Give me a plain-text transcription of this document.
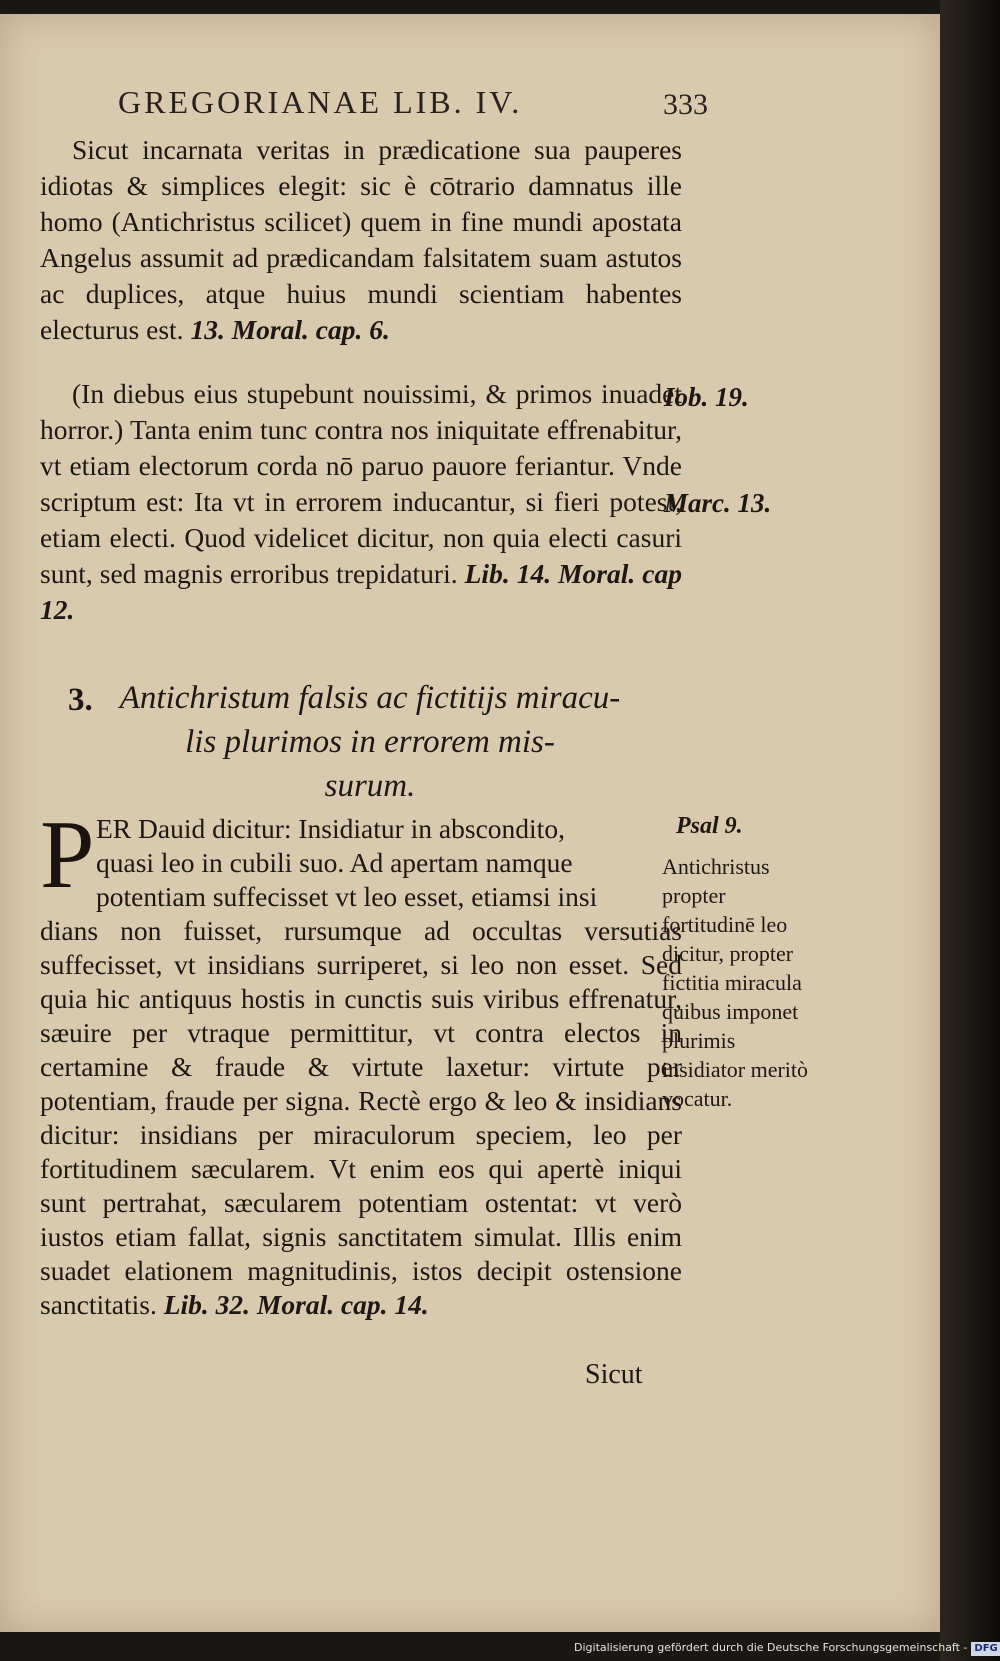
GREGORIANAE LIB. IV.	333

Sicut incarnata veritas in prædicatione sua pauperes idiotas & simplices elegit: sic è cōtrario damnatus ille homo (Antichristus scilicet) quem in fine mundi apostata Angelus assumit ad prædicandam falsitatem suam astutos ac duplices, atque huius mundi scientiam habentes electurus est. 13. Moral. cap. 6.

(In diebus eius stupebunt nouissimi, & primos inuadet horror.) Tanta enim tunc contra nos iniquitate effrenabitur, vt etiam electorum corda nō paruo pauore feriantur. Vnde scriptum est: Ita vt in errorem inducantur, si fieri potest, etiam electi. Quod videlicet dicitur, non quia electi casuri sunt, sed magnis erroribus trepidaturi. Lib. 14. Moral. cap 12.

Iob. 19.
Marc. 13.
3. Antichristum falsis ac fictitijs miracu-
lis plurimos in errorem mis-
surum.
P ER Dauid dicitur: Insidiatur in abscondito,
quasi leo in cubili suo. Ad apertam namque
potentiam suffecisset vt leo esset, etiamsi insi
dians non fuisset, rursumque ad occultas versutias suffecisset, vt insidians surriperet, si leo non esset. Sed quia hic antiquus hostis in cunctis suis viribus effrenatur, sæuire per vtraque permittitur, vt contra electos in certamine & fraude & virtute laxetur: virtute per potentiam, fraude per signa. Rectè ergo & leo & insidians dicitur: insidians per miraculorum speciem, leo per fortitudinem sæcularem. Vt enim eos qui apertè iniqui sunt pertrahat, sæcularem potentiam ostentat: vt verò iustos etiam fallat, signis sanctitatem simulat. Illis enim suadet elationem magnitudinis, istos decipit ostensione sanctitatis. Lib. 32. Moral. cap. 14.
Psal 9.
Antichristus propter fortitudinē leo dicitur, propter fictitia miracula quibus imponet plurimis insidiator meritò vocatur.
Sicut
Digitalisierung gefördert durch die Deutsche Forschungsgemeinschaft - DFG
